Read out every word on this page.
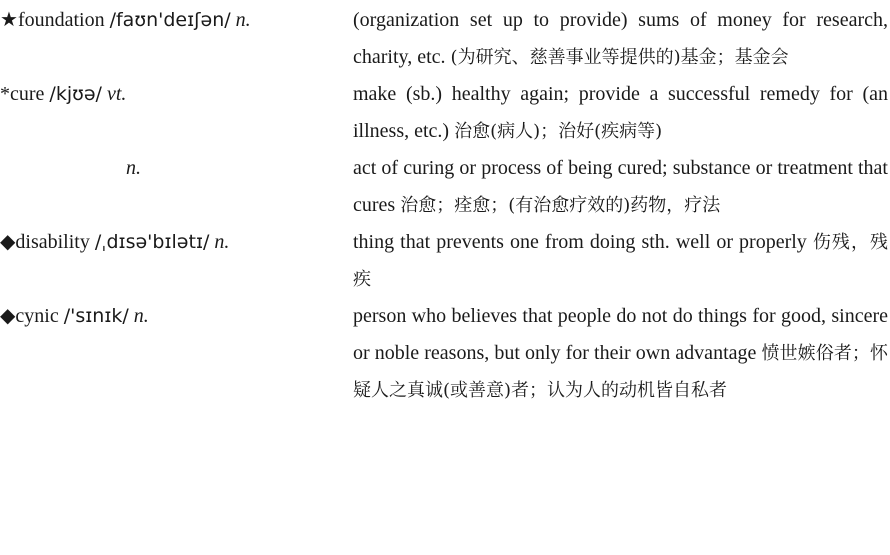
★foundation /faʊn'deɪʃən/ n.	(organization set up to provide) sums of money for research, charity, etc. (为研究、慈善事业等提供的)基金；基金会
*cure /kjʊə/ vt.	make (sb.) healthy again; provide a successful remedy for (an illness, etc.) 治愈(病人)；治好(疾病等)
n.	act of curing or process of being cured; substance or treatment that cures 治愈；痊愈；(有治愈疗效的)药物，疗法
◆disability /ˌdɪsə'bɪlətɪ/ n.	thing that prevents one from doing sth. well or properly 伤残，残疾
◆cynic /'sɪnɪk/ n.	person who believes that people do not do things for good, sincere or noble reasons, but only for their own advantage 愤世嫉俗者；怀疑人之真诚(或善意)者；认为人的动机皆自私者
